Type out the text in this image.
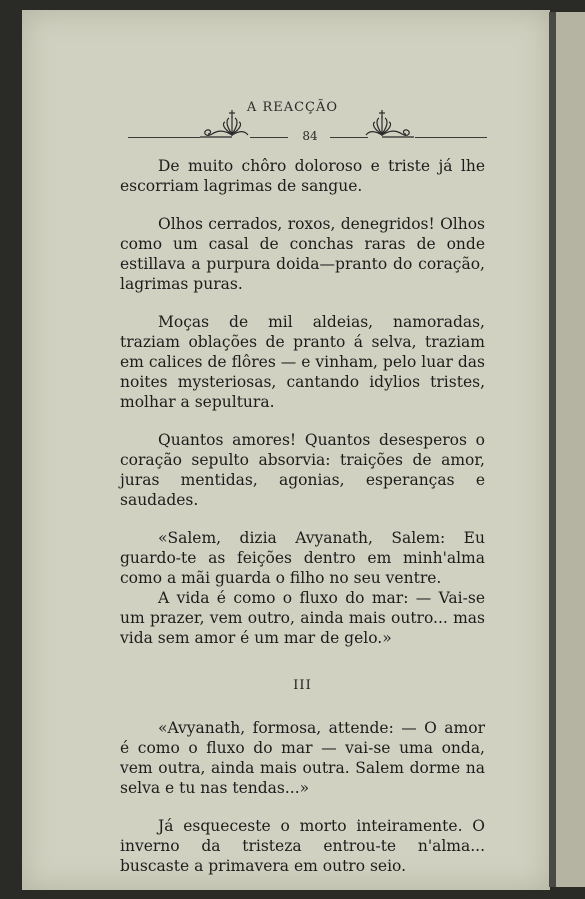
A REACÇÃO
84

De muito chôro doloroso e triste já lhe escorriam lagrimas de sangue.

Olhos cerrados, roxos, denegridos! Olhos como um casal de conchas raras de onde estillava a purpura doida—pranto do coração, lagrimas puras.

Moças de mil aldeias, namoradas, traziam oblações de pranto á selva, traziam em calices de flôres — e vinham, pelo luar das noites mysteriosas, cantando idylios tristes, molhar a sepultura.

Quantos amores! Quantos desesperos o coração sepulto absorvia: traições de amor, juras mentidas, agonias, esperanças e saudades.

«Salem, dizia Avyanath, Salem: Eu guardo-te as feições dentro em minh'alma como a mãi guarda o filho no seu ventre.

A vida é como o fluxo do mar: — Vai-se um prazer, vem outro, ainda mais outro... mas vida sem amor é um mar de gelo.»

III

«Avyanath, formosa, attende: — O amor é como o fluxo do mar — vai-se uma onda, vem outra, ainda mais outra. Salem dorme na selva e tu nas tendas...»

Já esqueceste o morto inteiramente. O inverno da tristeza entrou-te n'alma... buscaste a primavera em outro seio.
